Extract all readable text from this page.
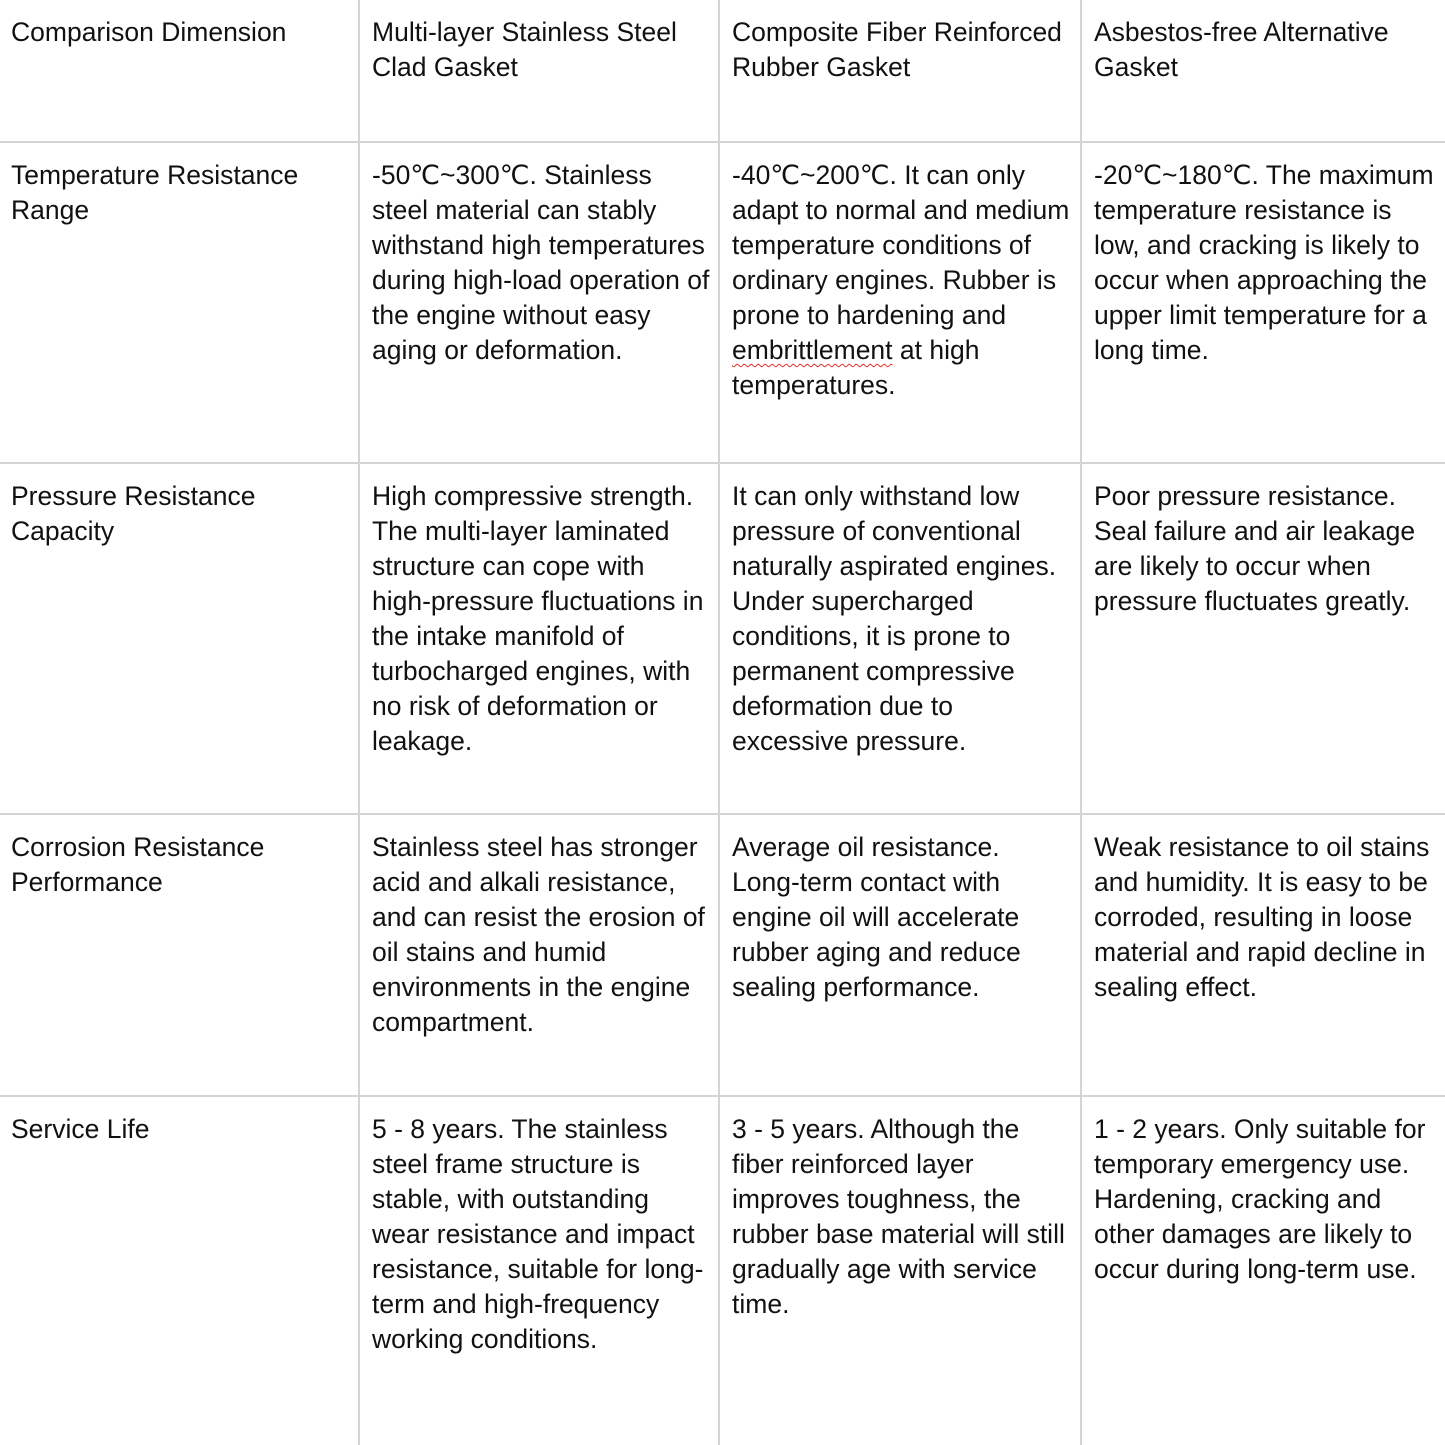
Comparison Dimension	Multi-layer Stainless Steel Clad Gasket	Composite Fiber Reinforced Rubber Gasket	Asbestos-free Alternative Gasket
Temperature Resistance Range	-50℃~300℃. Stainless steel material can stably withstand high temperatures during high-load operation of the engine without easy aging or deformation.	-40℃~200℃. It can only adapt to normal and medium temperature conditions of ordinary engines. Rubber is prone to hardening and embrittlement at high temperatures.	-20℃~180℃. The maximum temperature resistance is low, and cracking is likely to occur when approaching the upper limit temperature for a long time.
Pressure Resistance Capacity	High compressive strength. The multi-layer laminated structure can cope with high-pressure fluctuations in the intake manifold of turbocharged engines, with no risk of deformation or leakage.	It can only withstand low pressure of conventional naturally aspirated engines. Under supercharged conditions, it is prone to permanent compressive deformation due to excessive pressure.	Poor pressure resistance. Seal failure and air leakage are likely to occur when pressure fluctuates greatly.
Corrosion Resistance Performance	Stainless steel has stronger acid and alkali resistance, and can resist the erosion of oil stains and humid environments in the engine compartment.	Average oil resistance. Long-term contact with engine oil will accelerate rubber aging and reduce sealing performance.	Weak resistance to oil stains and humidity. It is easy to be corroded, resulting in loose material and rapid decline in sealing effect.
Service Life	5 - 8 years. The stainless steel frame structure is stable, with outstanding wear resistance and impact resistance, suitable for long-term and high-frequency working conditions.	3 - 5 years. Although the fiber reinforced layer improves toughness, the rubber base material will still gradually age with service time.	1 - 2 years. Only suitable for temporary emergency use. Hardening, cracking and other damages are likely to occur during long-term use.
